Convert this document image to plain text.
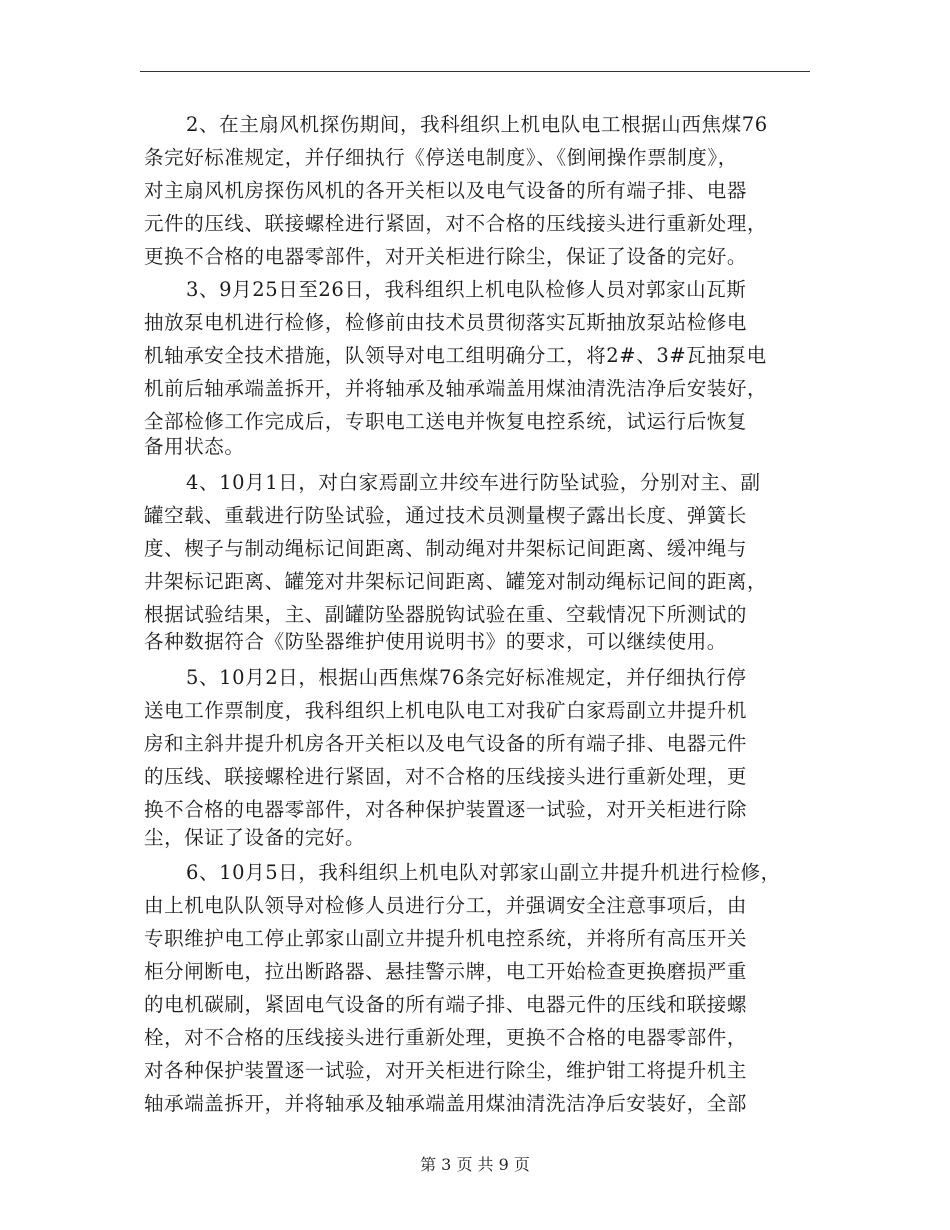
2、在主扇风机探伤期间，我科组织上机电队电工根据山西焦煤76
条完好标准规定，并仔细执行《停送电制度》、《倒闸操作票制度》，
对主扇风机房探伤风机的各开关柜以及电气设备的所有端子排、电器
元件的压线、联接螺栓进行紧固，对不合格的压线接头进行重新处理，
更换不合格的电器零部件，对开关柜进行除尘，保证了设备的完好。
3、9月25日至26日，我科组织上机电队检修人员对郭家山瓦斯
抽放泵电机进行检修，检修前由技术员贯彻落实瓦斯抽放泵站检修电
机轴承安全技术措施，队领导对电工组明确分工，将2#、3#瓦抽泵电
机前后轴承端盖拆开，并将轴承及轴承端盖用煤油清洗洁净后安装好，
全部检修工作完成后，专职电工送电并恢复电控系统，试运行后恢复
备用状态。
4、10月1日，对白家焉副立井绞车进行防坠试验，分别对主、副
罐空载、重载进行防坠试验，通过技术员测量楔子露出长度、弹簧长
度、楔子与制动绳标记间距离、制动绳对井架标记间距离、缓冲绳与
井架标记距离、罐笼对井架标记间距离、罐笼对制动绳标记间的距离，
根据试验结果，主、副罐防坠器脱钩试验在重、空载情况下所测试的
各种数据符合《防坠器维护使用说明书》的要求，可以继续使用。
5、10月2日，根据山西焦煤76条完好标准规定，并仔细执行停
送电工作票制度，我科组织上机电队电工对我矿白家焉副立井提升机
房和主斜井提升机房各开关柜以及电气设备的所有端子排、电器元件
的压线、联接螺栓进行紧固，对不合格的压线接头进行重新处理，更
换不合格的电器零部件，对各种保护装置逐一试验，对开关柜进行除
尘，保证了设备的完好。
6、10月5日，我科组织上机电队对郭家山副立井提升机进行检修，
由上机电队队领导对检修人员进行分工，并强调安全注意事项后，由
专职维护电工停止郭家山副立井提升机电控系统，并将所有高压开关
柜分闸断电，拉出断路器、悬挂警示牌，电工开始检查更换磨损严重
的电机碳刷，紧固电气设备的所有端子排、电器元件的压线和联接螺
栓，对不合格的压线接头进行重新处理，更换不合格的电器零部件，
对各种保护装置逐一试验，对开关柜进行除尘，维护钳工将提升机主
轴承端盖拆开，并将轴承及轴承端盖用煤油清洗洁净后安装好，全部
第 3 页 共 9 页
